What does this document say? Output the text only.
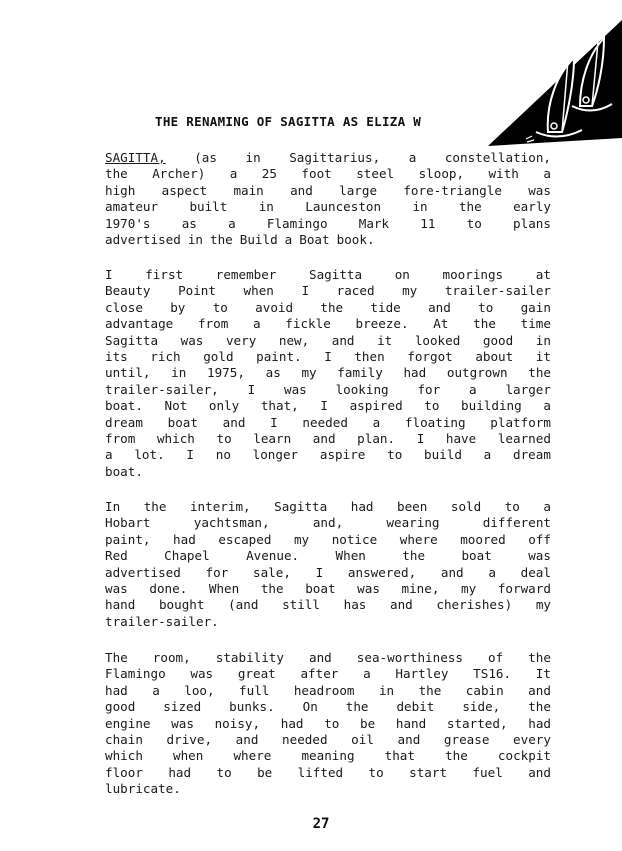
THE RENAMING OF SAGITTA AS ELIZA W
SAGITTA, (as in Sagittarius, a constellation,
the Archer) a 25 foot steel sloop, with a
high aspect main and large fore-triangle was
amateur built in Launceston in the early
1970's as a Flamingo Mark 11 to plans
advertised in the Build a Boat book.
I	first	remember	Sagitta	on	moorings	at
Beauty Point when I raced my trailer-sailer
close by to avoid the tide and to gain
advantage from a fickle breeze. At the time
Sagitta was very new, and it looked good in
its rich gold paint. I then forgot about it
until, in 1975, as my family had outgrown the
trailer-sailer, I was looking for a larger
boat. Not only that, I aspired to building a
dream boat and I needed a floating platform
from which to learn and plan. I have learned
a lot. I no longer aspire to build a dream
boat.
In the interim, Sagitta had been sold to a
Hobart	yachtsman,	and,	wearing	different
paint, had escaped my notice where moored off
Red	Chapel	Avenue.	When	the	boat	was
advertised for sale, I answered, and a deal
was done. When the boat was mine, my forward
hand bought (and still has and cherishes) my
trailer-sailer.
The room, stability and sea-worthiness of the
Flamingo was great after a Hartley TS16. It
had a loo, full headroom in the cabin and
good sized bunks. On the debit side, the
engine was noisy, had to be hand started, had
chain drive, and needed oil and grease every
which when where meaning that the cockpit
floor had to be lifted to start fuel and
lubricate.
27
